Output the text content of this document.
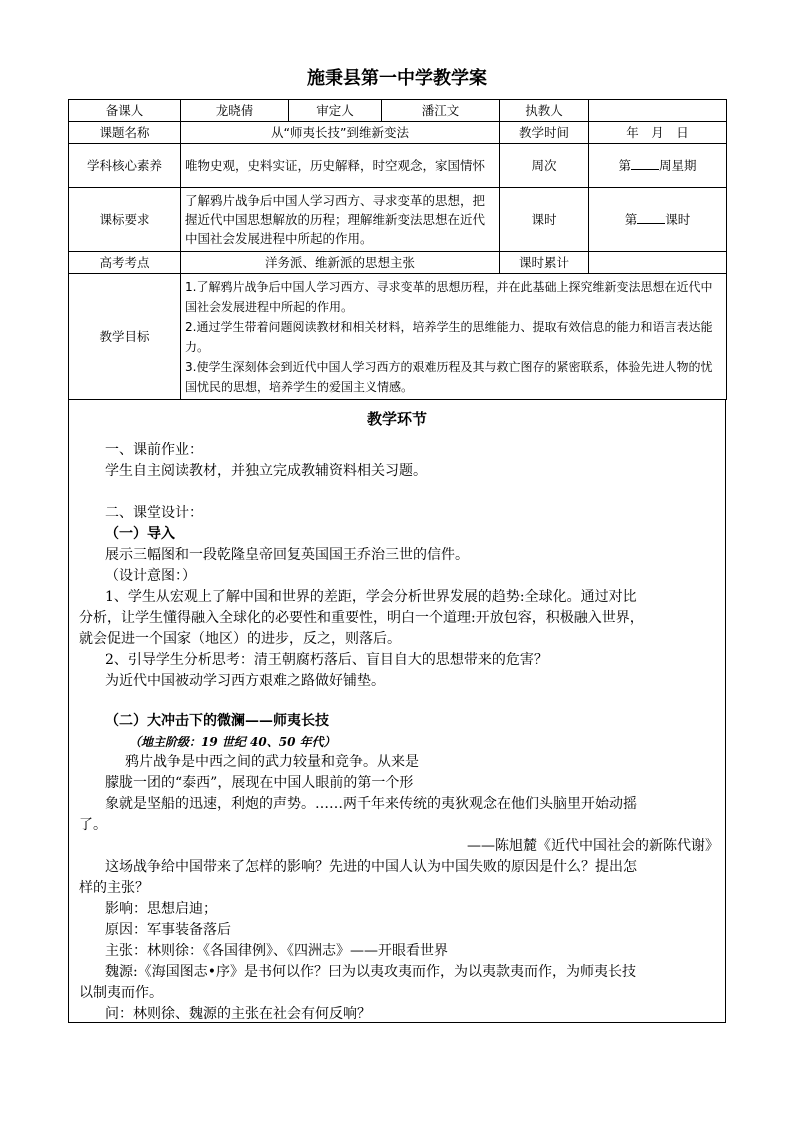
施秉县第一中学教学案
备课人	龙晓倩	审定人	潘江文	执教人	
课题名称	从“师夷长技”到维新变法			教学时间	年　月　日
学科核心素养	唯物史观，史料实证，历史解释，时空观念，家国情怀			周次	第 周星期
课标要求	了解鸦片战争后中国人学习西方、寻求变革的思想，把握近代中国思想解放的历程；理解维新变法思想在近代中国社会发展进程中所起的作用。			课时	第 课时
高考考点	洋务派、维新派的思想主张			课时累计	
教学目标	1.了解鸦片战争后中国人学习西方、寻求变革的思想历程，并在此基础上探究维新变法思想在近代中国社会发展进程中所起的作用。

2.通过学生带着问题阅读教材和相关材料，培养学生的思维能力、提取有效信息的能力和语言表达能力。

3.使学生深刻体会到近代中国人学习西方的艰难历程及其与救亡图存的紧密联系，体验先进人物的忧国忧民的思想，培养学生的爱国主义情感。				

教学环节
一、课前作业：
学生自主阅读教材，并独立完成教辅资料相关习题。
二、课堂设计：
（一）导入
展示三幅图和一段乾隆皇帝回复英国国王乔治三世的信件。
（设计意图：）
1、学生从宏观上了解中国和世界的差距，学会分析世界发展的趋势:全球化。通过对比
分析，让学生懂得融入全球化的必要性和重要性，明白一个道理:开放包容，积极融入世界，
就会促进一个国家（地区）的进步，反之，则落后。
2、引导学生分析思考：清王朝腐朽落后、盲目自大的思想带来的危害？
为近代中国被动学习西方艰难之路做好铺垫。
（二）大冲击下的微澜——师夷长技
（地主阶级：19 世纪 40、50 年代）
鸦片战争是中西之间的武力较量和竞争。从来是
朦胧一团的“泰西”，展现在中国人眼前的第一个形
象就是坚船的迅速，利炮的声势。……两千年来传统的夷狄观念在他们头脑里开始动摇
了。
——陈旭麓《近代中国社会的新陈代谢》
这场战争给中国带来了怎样的影响？先进的中国人认为中国失败的原因是什么？提出怎
样的主张？
影响：思想启迪；
原因：军事装备落后
主张：林则徐：《各国律例》、《四洲志》——开眼看世界
魏源:《海国图志•序》是书何以作？曰为以夷攻夷而作，为以夷款夷而作，为师夷长技
以制夷而作。
问：林则徐、魏源的主张在社会有何反响？
